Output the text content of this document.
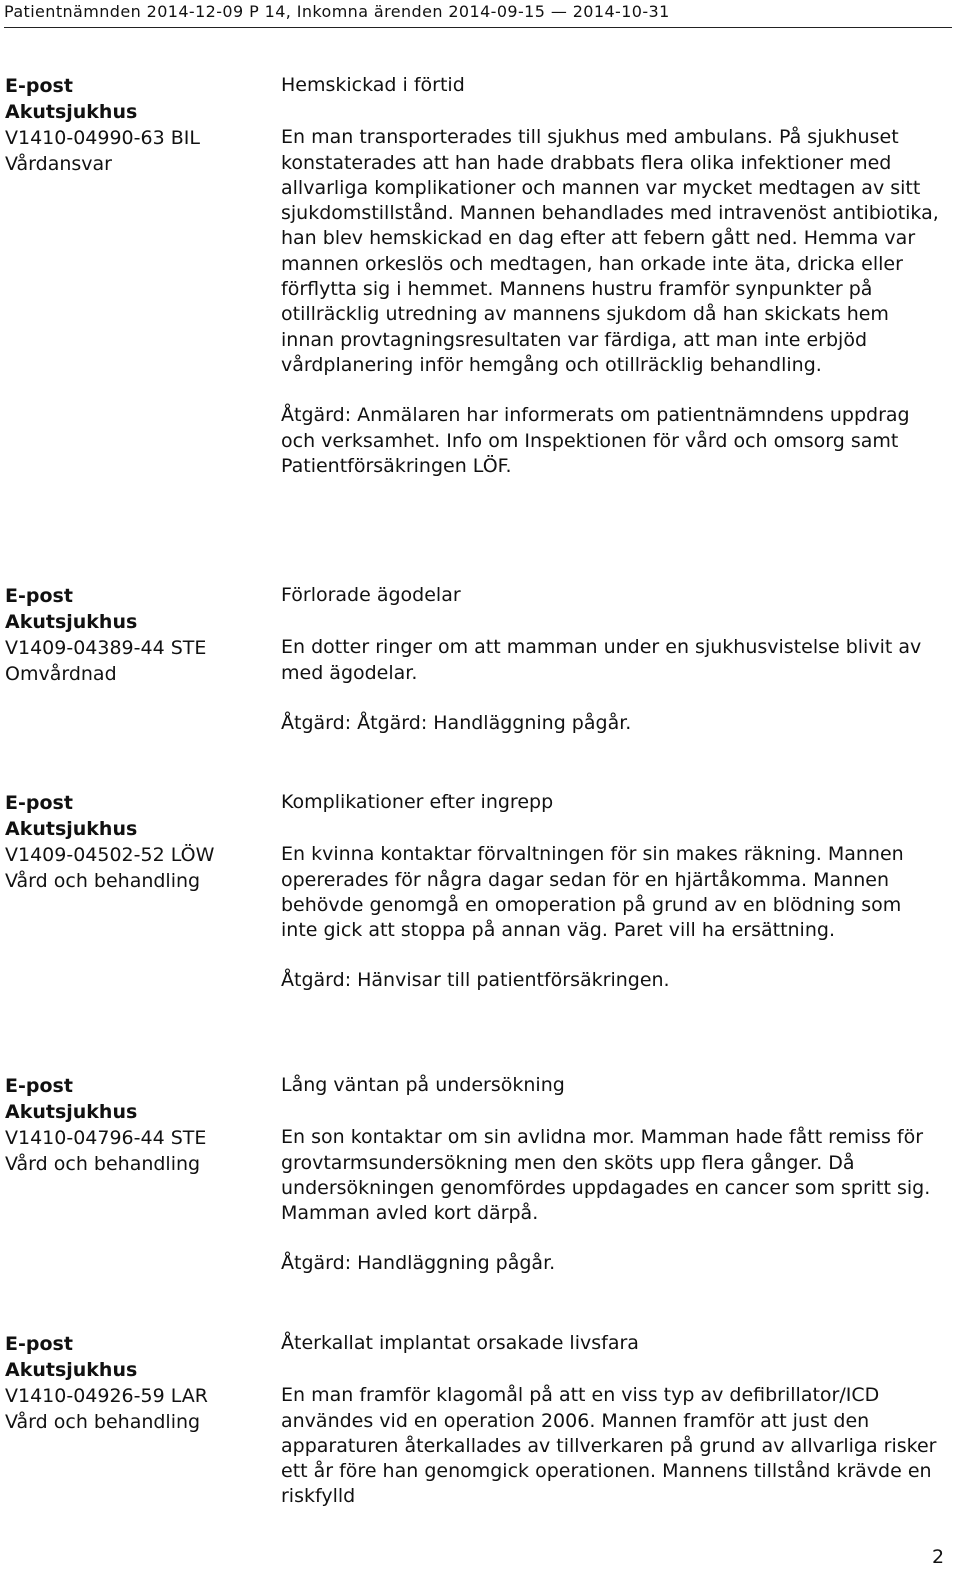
Patientnämnden 2014-12-09 P 14, Inkomna ärenden 2014-09-15 — 2014-10-31
E-post
Akutsjukhus
V1410-04990-63 BIL
Vårdansvar

Hemskickad i förtid

En man transporterades till sjukhus med ambulans. På sjukhuset konstaterades att han hade drabbats flera olika infektioner med allvarliga komplikationer och mannen var mycket medtagen av sitt sjukdomstillstånd. Mannen behandlades med intravenöst antibiotika, han blev hemskickad en dag efter att febern gått ned. Hemma var mannen orkeslös och medtagen, han orkade inte äta, dricka eller förflytta sig i hemmet. Mannens hustru framför synpunkter på otillräcklig utredning av mannens sjukdom då han skickats hem innan provtagningsresultaten var färdiga, att man inte erbjöd vårdplanering inför hemgång och otillräcklig behandling.

Åtgärd: Anmälaren har informerats om patientnämndens uppdrag och verksamhet. Info om Inspektionen för vård och omsorg samt Patientförsäkringen LÖF.

E-post
Akutsjukhus
V1409-04389-44 STE
Omvårdnad

Förlorade ägodelar

En dotter ringer om att mamman under en sjukhusvistelse blivit av med ägodelar.

Åtgärd: Åtgärd: Handläggning pågår.

E-post
Akutsjukhus
V1409-04502-52 LÖW
Vård och behandling

Komplikationer efter ingrepp

En kvinna kontaktar förvaltningen för sin makes räkning. Mannen opererades för några dagar sedan för en hjärtåkomma. Mannen behövde genomgå en omoperation på grund av en blödning som inte gick att stoppa på annan väg. Paret vill ha ersättning.

Åtgärd: Hänvisar till patientförsäkringen.

E-post
Akutsjukhus
V1410-04796-44 STE
Vård och behandling

Lång väntan på undersökning

En son kontaktar om sin avlidna mor. Mamman hade fått remiss för grovtarmsundersökning men den sköts upp flera gånger. Då undersökningen genomfördes uppdagades en cancer som spritt sig. Mamman avled kort därpå.

Åtgärd: Handläggning pågår.

E-post
Akutsjukhus
V1410-04926-59 LAR
Vård och behandling

Återkallat implantat orsakade livsfara

En man framför klagomål på att en viss typ av defibrillator/ICD användes vid en operation 2006. Mannen framför att just den apparaturen återkallades av tillverkaren på grund av allvarliga risker ett år före han genomgick operationen. Mannens tillstånd krävde en riskfylld

2
